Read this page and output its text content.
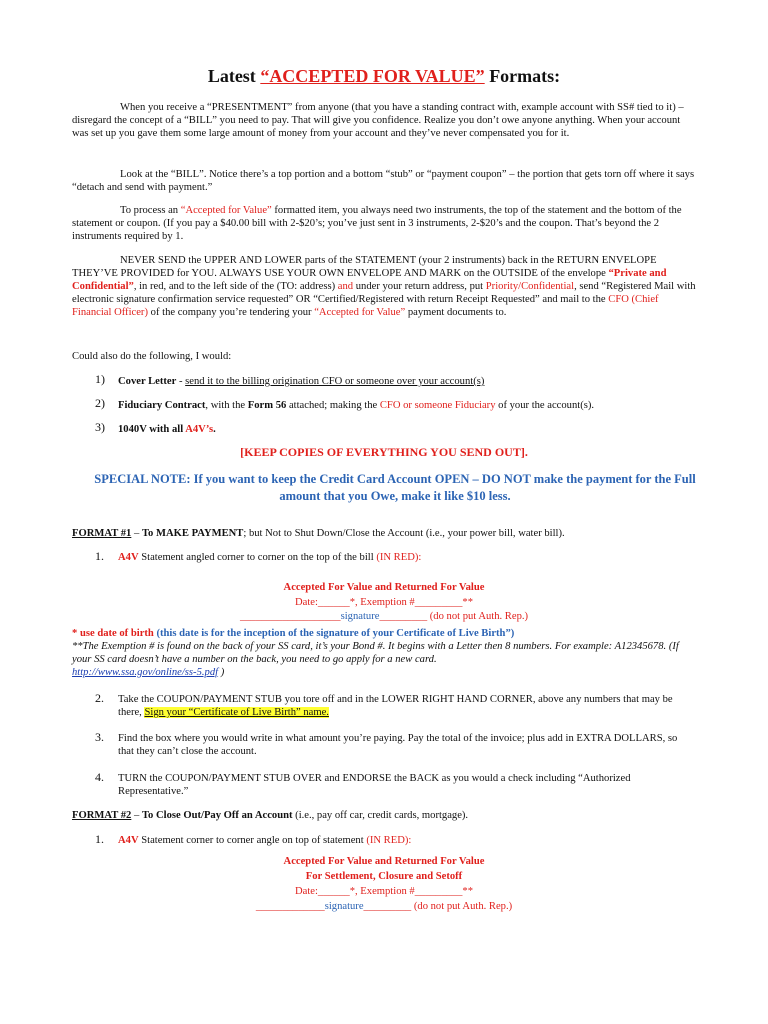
Latest “ACCEPTED FOR VALUE” Formats:

When you receive a “PRESENTMENT” from anyone (that you have a standing contract with, example account with SS# tied to it) – disregard the concept of a “BILL” you need to pay. That will give you confidence. Realize you don’t owe anyone anything. When your account was set up you gave them some large amount of money from your account and they’ve never compensated you for it.

Look at the “BILL”. Notice there’s a top portion and a bottom “stub” or “payment coupon” – the portion that gets torn off where it says “detach and send with payment.”

To process an “Accepted for Value” formatted item, you always need two instruments, the top of the statement and the bottom of the statement or coupon. (If you pay a $40.00 bill with 2-$20’s; you’ve just sent in 3 instruments, 2-$20’s and the coupon. That’s beyond the 2 instruments required by 1.

NEVER SEND the UPPER AND LOWER parts of the STATEMENT (your 2 instruments) back in the RETURN ENVELOPE THEY’VE PROVIDED for YOU. ALWAYS USE YOUR OWN ENVELOPE AND MARK on the OUTSIDE of the envelope “Private and Confidential”, in red, and to the left side of the (TO: address) and under your return address, put Priority/Confidential, send “Registered Mail with electronic signature confirmation service requested” OR “Certified/Registered with return Receipt Requested” and mail to the CFO (Chief Financial Officer) of the company you’re tendering your “Accepted for Value” payment documents to.

Could also do the following, I would:

1) Cover Letter - send it to the billing origination CFO or someone over your account(s)
2) Fiduciary Contract, with the Form 56 attached; making the CFO or someone Fiduciary of your the account(s).
3) 1040V with all A4V’s.
[KEEP COPIES OF EVERYTHING YOU SEND OUT].
SPECIAL NOTE: If you want to keep the Credit Card Account OPEN – DO NOT make the payment for the Full amount that you Owe, make it like $10 less.

FORMAT #1 – To MAKE PAYMENT; but Not to Shut Down/Close the Account (i.e., your power bill, water bill).

1. A4V Statement angled corner to corner on the top of the bill (IN RED):
Accepted For Value and Returned For Value
Date:______*, Exemption #_________**
___________________signature_________ (do not put Auth. Rep.)

* use date of birth (this date is for the inception of the signature of your Certificate of Live Birth”)

**The Exemption # is found on the back of your SS card, it’s your Bond #. It begins with a Letter then 8 numbers. For example: A12345678. (If your SS card doesn’t have a number on the back, you need to go apply for a new card.
http://www.ssa.gov/online/ss-5.pdf )

2. Take the COUPON/PAYMENT STUB you tore off and in the LOWER RIGHT HAND CORNER, above any numbers that may be there, Sign your “Certificate of Live Birth” name.
3. Find the box where you would write in what amount you’re paying. Pay the total of the invoice; plus add in EXTRA DOLLARS, so that they can’t close the account.
4. TURN the COUPON/PAYMENT STUB OVER and ENDORSE the BACK as you would a check including “Authorized Representative.”

FORMAT #2 – To Close Out/Pay Off an Account (i.e., pay off car, credit cards, mortgage).

1. A4V Statement corner to corner angle on top of statement (IN RED):
Accepted For Value and Returned For Value
For Settlement, Closure and Setoff
Date:______*, Exemption #_________**
_____________signature_________ (do not put Auth. Rep.)
